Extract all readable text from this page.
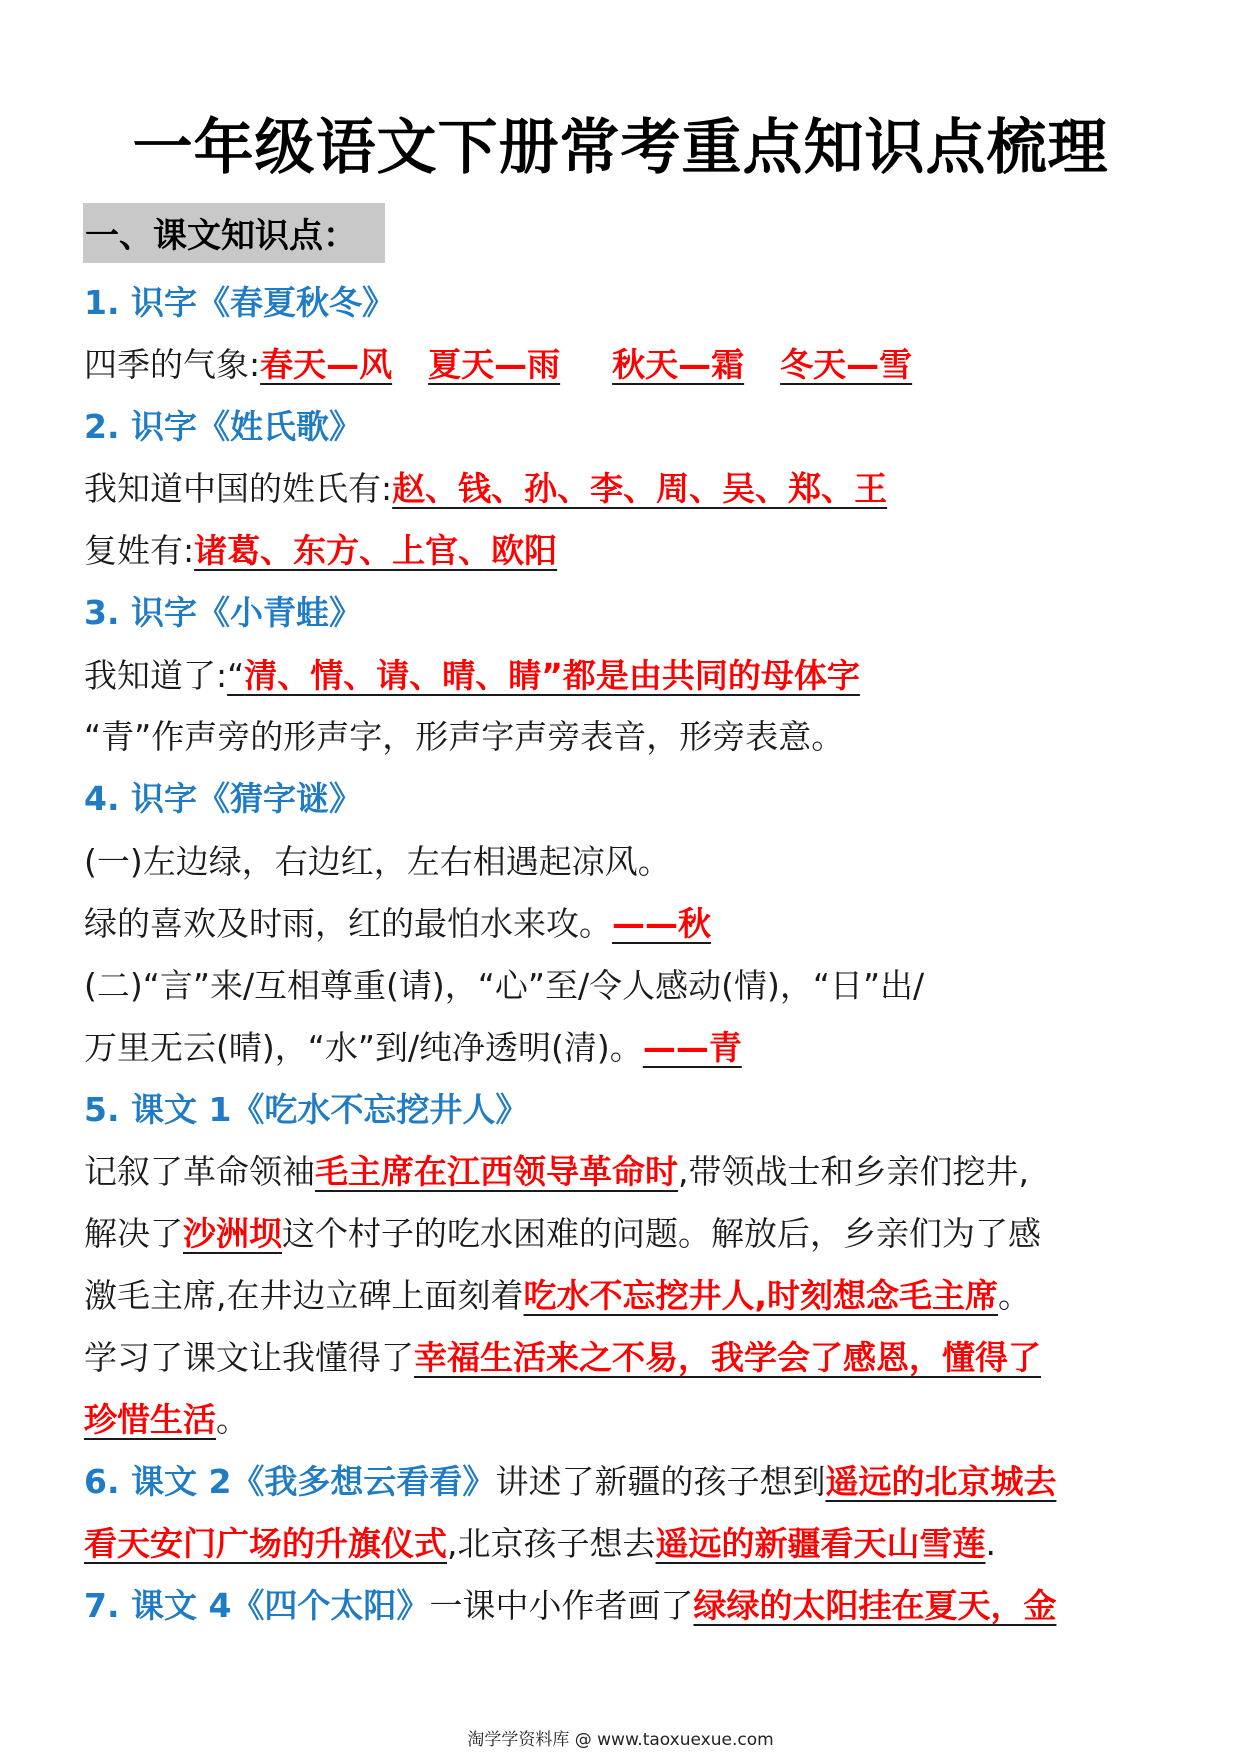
一年级语文下册常考重点知识点梳理
一、课文知识点：
1. 识字《春夏秋冬》
四季的气象:春天—风 夏天—雨 秋天—霜 冬天—雪
2. 识字《姓氏歌》
我知道中国的姓氏有:赵、钱、孙、李、周、吴、郑、王
复姓有:诸葛、东方、上官、欧阳
3. 识字《小青蛙》
我知道了:“清、情、请、晴、睛”都是由共同的母体字
“青”作声旁的形声字，形声字声旁表音，形旁表意。
4. 识字《猜字谜》
(一)左边绿，右边红，左右相遇起凉风。
绿的喜欢及时雨，红的最怕水来攻。——秋
(二)“言”来/互相尊重(请)，“心”至/令人感动(情)，“日”出/
万里无云(晴)，“水”到/纯净透明(清)。——青
5. 课文 1《吃水不忘挖井人》
记叙了革命领袖毛主席在江西领导革命时,带领战士和乡亲们挖井,
解决了沙洲坝这个村子的吃水困难的问题。解放后，乡亲们为了感
激毛主席,在井边立碑上面刻着吃水不忘挖井人,时刻想念毛主席。
学习了课文让我懂得了幸福生活来之不易，我学会了感恩，懂得了
珍惜生活。
6. 课文 2《我多想云看看》讲述了新疆的孩子想到遥远的北京城去
看天安门广场的升旗仪式,北京孩子想去遥远的新疆看天山雪莲.
7. 课文 4《四个太阳》一课中小作者画了绿绿的太阳挂在夏天，金
淘学学资料库 @ www.taoxuexue.com
